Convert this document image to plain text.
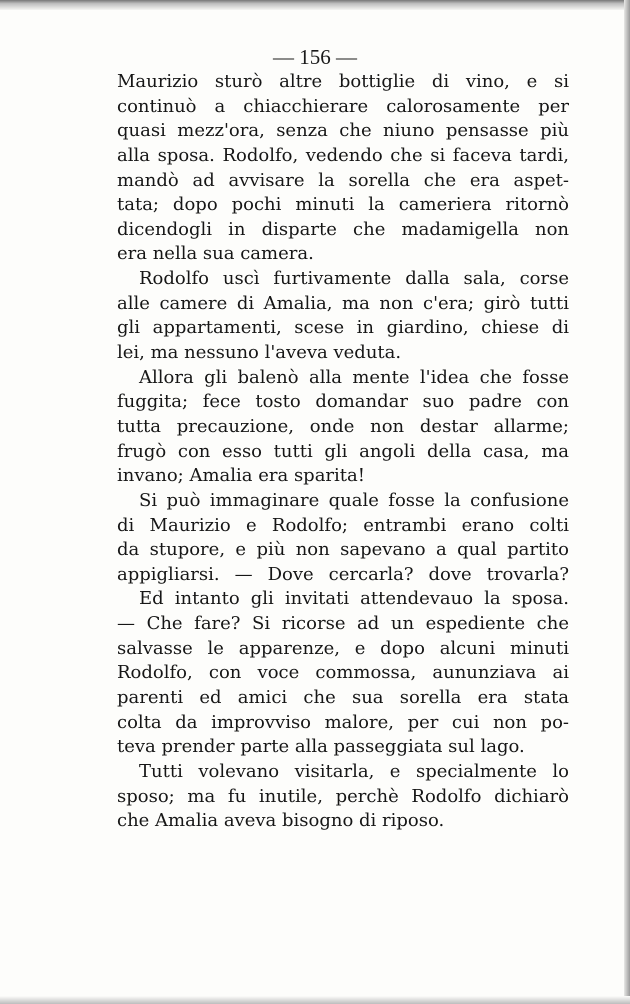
— 156 —
Maurizio sturò altre bottiglie di vino, e si
continuò a chiacchierare calorosamente per
quasi mezz'ora, senza che niuno pensasse più
alla sposa. Rodolfo, vedendo che si faceva tardi,
mandò ad avvisare la sorella che era aspet-
tata; dopo pochi minuti la cameriera ritornò
dicendogli in disparte che madamigella non
era nella sua camera.
Rodolfo uscì furtivamente dalla sala, corse
alle camere di Amalia, ma non c'era; girò tutti
gli appartamenti, scese in giardino, chiese di
lei, ma nessuno l'aveva veduta.
Allora gli balenò alla mente l'idea che fosse
fuggita; fece tosto domandar suo padre con
tutta precauzione, onde non destar allarme;
frugò con esso tutti gli angoli della casa, ma
invano; Amalia era sparita!
Si può immaginare quale fosse la confusione
di Maurizio e Rodolfo; entrambi erano colti
da stupore, e più non sapevano a qual partito
appigliarsi. — Dove cercarla? dove trovarla?
Ed intanto gli invitati attendevauo la sposa.
— Che fare? Si ricorse ad un espediente che
salvasse le apparenze, e dopo alcuni minuti
Rodolfo, con voce commossa, aununziava ai
parenti ed amici che sua sorella era stata
colta da improvviso malore, per cui non po-
teva prender parte alla passeggiata sul lago.
Tutti volevano visitarla, e specialmente lo
sposo; ma fu inutile, perchè Rodolfo dichiarò
che Amalia aveva bisogno di riposo.
